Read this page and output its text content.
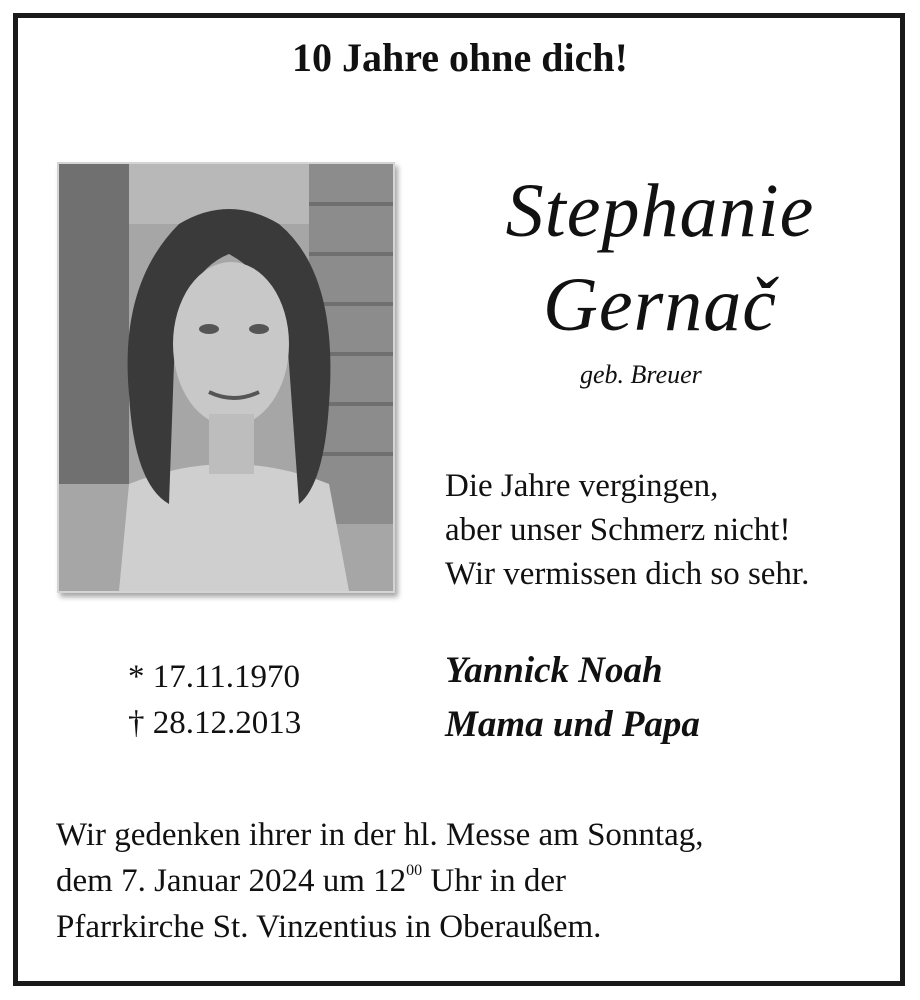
10 Jahre ohne dich!
Stephanie
Gernač
geb. Breuer
Die Jahre vergingen,
aber unser Schmerz nicht!
Wir vermissen dich so sehr.
* 17.11.1970
† 28.12.2013
Yannick Noah
Mama und Papa
Wir gedenken ihrer in der hl. Messe am Sonntag,
dem 7. Januar 2024 um $12^{00}$ Uhr in der
Pfarrkirche St. Vinzentius in Oberaußem.
